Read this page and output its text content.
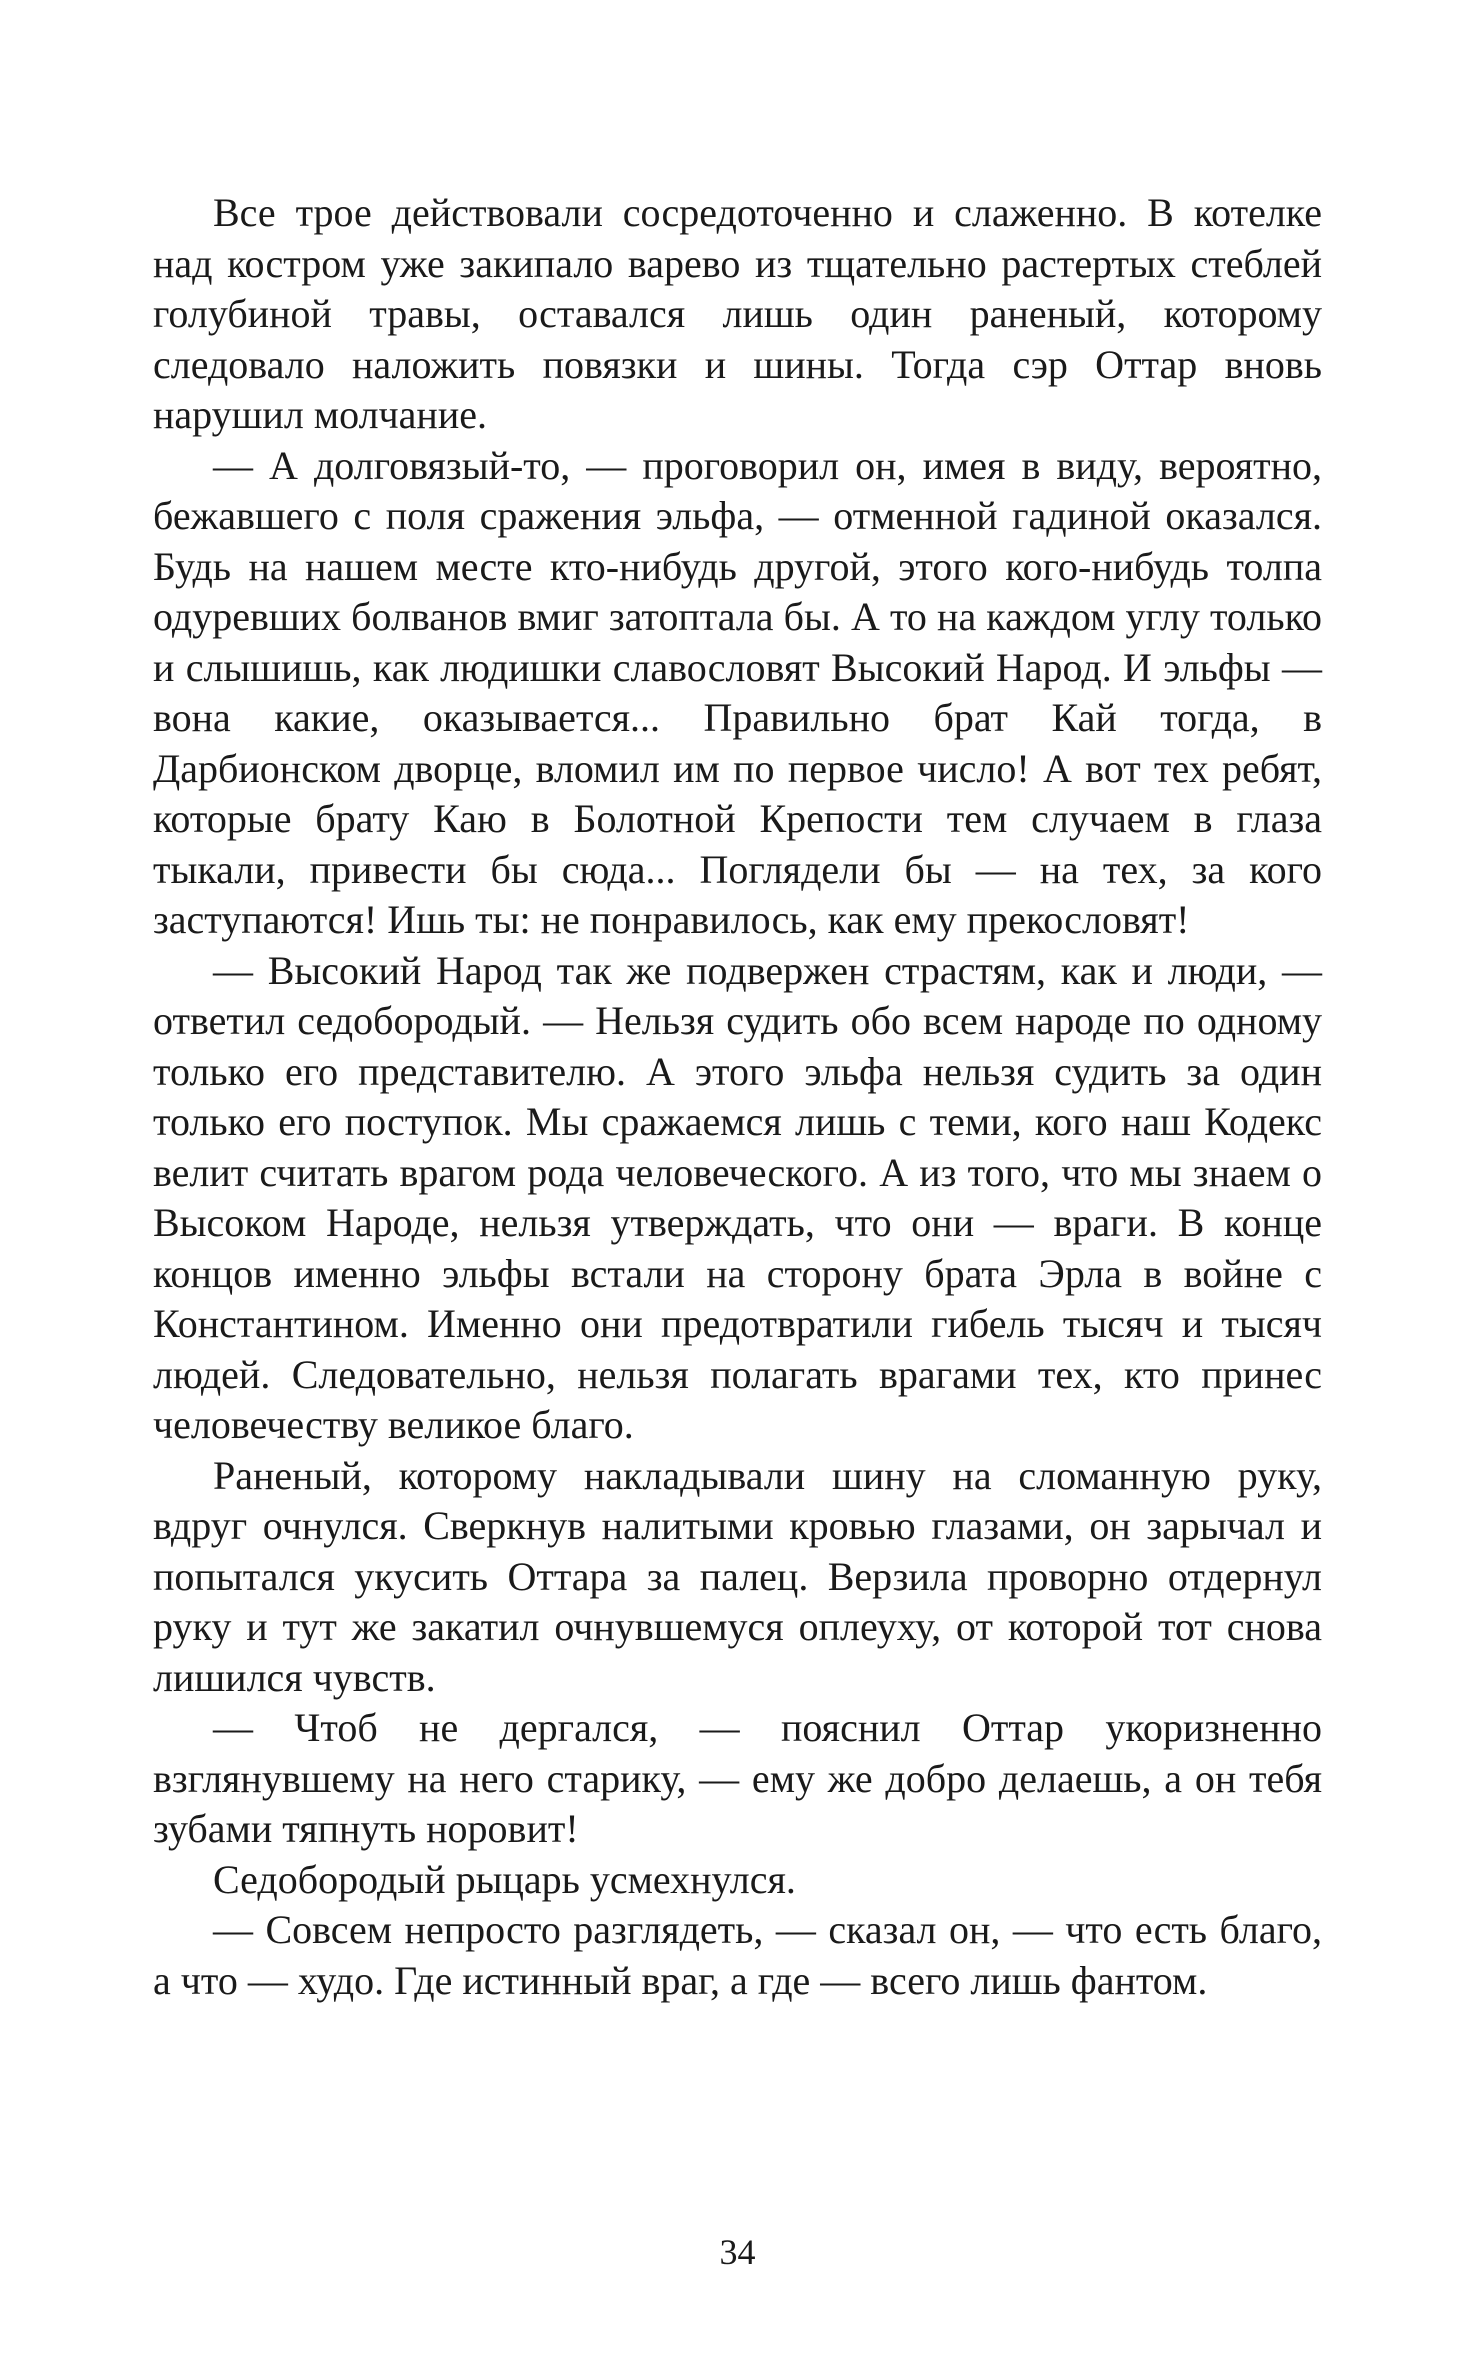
Все трое действовали сосредоточенно и слаженно. В котелке над костром уже закипало варево из тщательно растертых стеблей голубиной травы, оставался лишь один раненый, которому следовало наложить повязки и шины. Тогда сэр Оттар вновь нарушил молчание.

— А долговязый-то, — проговорил он, имея в виду, вероятно, бежавшего с поля сражения эльфа, — отменной гадиной оказался. Будь на нашем месте кто-нибудь другой, этого кого-нибудь толпа одуревших болванов вмиг затоптала бы. А то на каждом углу только и слышишь, как людишки славословят Высокий Народ. И эльфы — вона какие, оказывается... Правильно брат Кай тогда, в Дарбионском дворце, вломил им по первое число! А вот тех ребят, которые брату Каю в Болотной Крепости тем случаем в глаза тыкали, привести бы сюда... Поглядели бы — на тех, за кого заступаются! Ишь ты: не понравилось, как ему прекословят!

— Высокий Народ так же подвержен страстям, как и люди, — ответил седобородый. — Нельзя судить обо всем народе по одному только его представителю. А этого эльфа нельзя судить за один только его поступок. Мы сражаемся лишь с теми, кого наш Кодекс велит считать врагом рода человеческого. А из того, что мы знаем о Высоком Народе, нельзя утверждать, что они — враги. В конце концов именно эльфы встали на сторону брата Эрла в войне с Константином. Именно они предотвратили гибель тысяч и тысяч людей. Следовательно, нельзя полагать врагами тех, кто принес человечеству великое благо.

Раненый, которому накладывали шину на сломанную руку, вдруг очнулся. Сверкнув налитыми кровью глазами, он зарычал и попытался укусить Оттара за палец. Верзила проворно отдернул руку и тут же закатил очнувшемуся оплеуху, от которой тот снова лишился чувств.

— Чтоб не дергался, — пояснил Оттар укоризненно взглянувшему на него старику, — ему же добро делаешь, а он тебя зубами тяпнуть норовит!

Седобородый рыцарь усмехнулся.

— Совсем непросто разглядеть, — сказал он, — что есть благо, а что — худо. Где истинный враг, а где — всего лишь фантом.

34
